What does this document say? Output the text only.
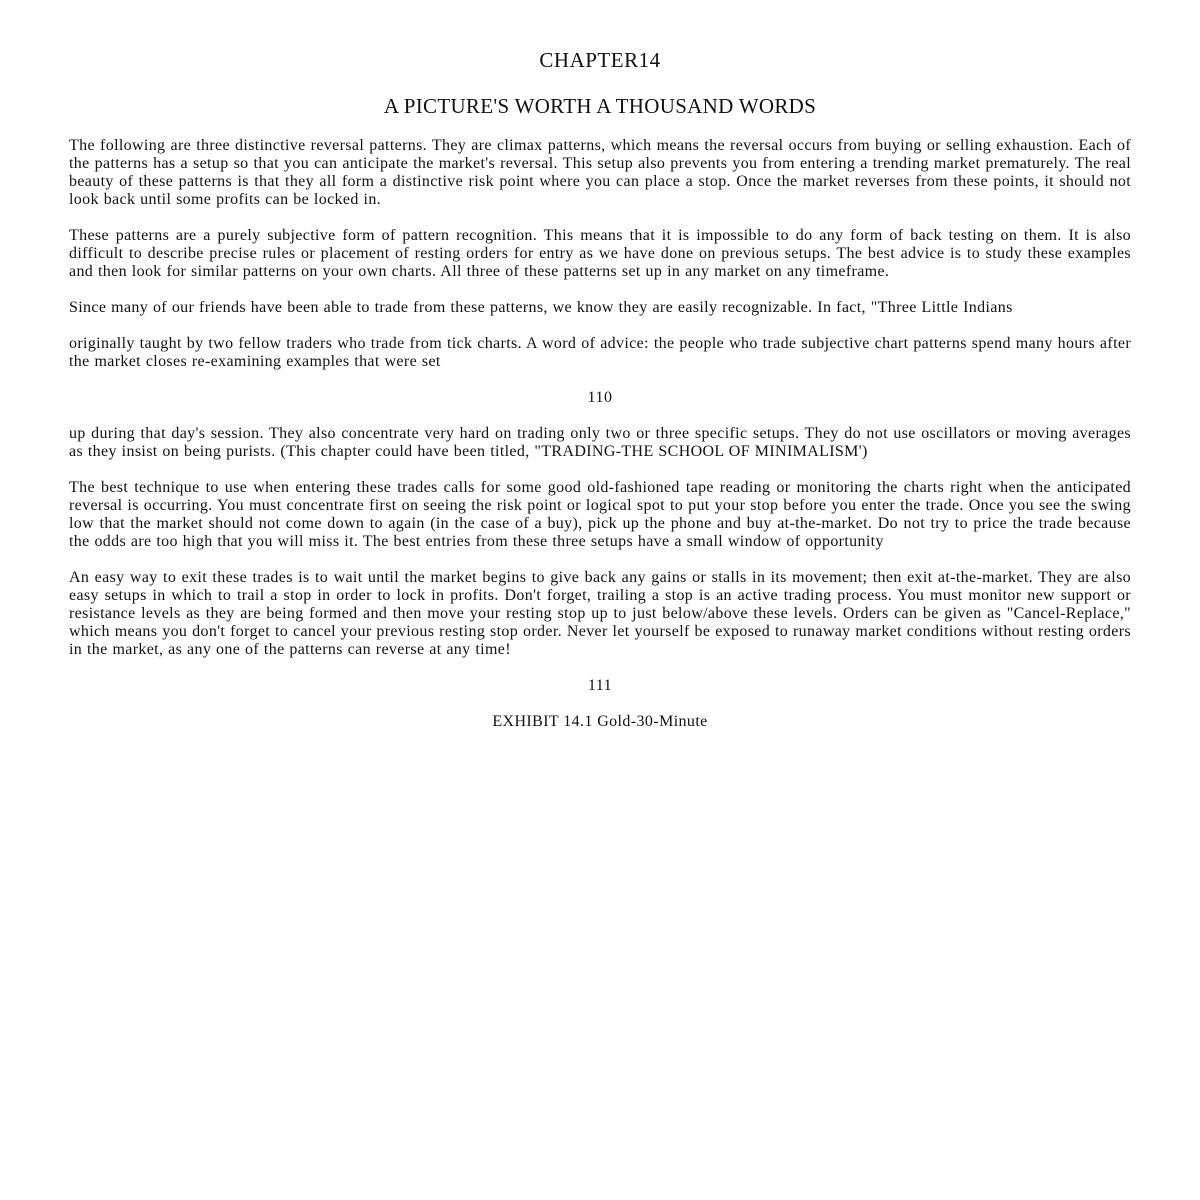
CHAPTER14
A PICTURE'S WORTH A THOUSAND WORDS

The following are three distinctive reversal patterns. They are climax patterns, which means the reversal occurs from buying or selling exhaustion. Each of the patterns has a setup so that you can anticipate the market's reversal. This setup also prevents you from entering a trending market prematurely. The real beauty of these patterns is that they all form a distinctive risk point where you can place a stop. Once the market reverses from these points, it should not look back until some profits can be locked in.

These patterns are a purely subjective form of pattern recognition. This means that it is impossible to do any form of back testing on them. It is also difficult to describe precise rules or placement of resting orders for entry as we have done on previous setups. The best advice is to study these examples and then look for similar patterns on your own charts. All three of these patterns set up in any market on any timeframe.

Since many of our friends have been able to trade from these patterns, we know they are easily recognizable. In fact, "Three Little Indians

originally taught by two fellow traders who trade from tick charts. A word of advice: the people who trade subjective chart patterns spend many hours after the market closes re-examining examples that were set

110

up during that day's session. They also concentrate very hard on trading only two or three specific setups. They do not use oscillators or moving averages as they insist on being purists. (This chapter could have been titled, "TRADING-THE SCHOOL OF MINIMALISM')

The best technique to use when entering these trades calls for some good old-fashioned tape reading or monitoring the charts right when the anticipated reversal is occurring. You must concentrate first on seeing the risk point or logical spot to put your stop before you enter the trade. Once you see the swing low that the market should not come down to again (in the case of a buy), pick up the phone and buy at-the-market. Do not try to price the trade because the odds are too high that you will miss it. The best entries from these three setups have a small window of opportunity

An easy way to exit these trades is to wait until the market begins to give back any gains or stalls in its movement; then exit at-the-market. They are also easy setups in which to trail a stop in order to lock in profits. Don't forget, trailing a stop is an active trading process. You must monitor new support or resistance levels as they are being formed and then move your resting stop up to just below/above these levels. Orders can be given as "Cancel-Replace," which means you don't forget to cancel your previous resting stop order. Never let yourself be exposed to runaway market conditions without resting orders in the market, as any one of the patterns can reverse at any time!

111
EXHIBIT 14.1 Gold-30-Minute
